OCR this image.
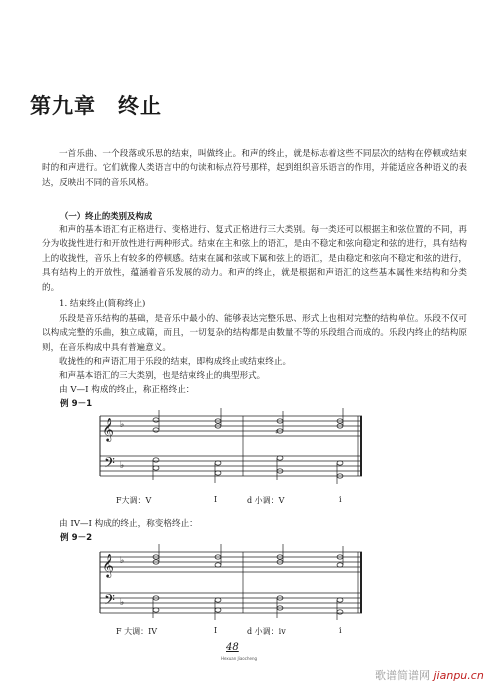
第九章 终止
一首乐曲、一个段落或乐思的结束，叫做终止。和声的终止，就是标志着这些不同层次的结构在停顿或结束时的和声进行。它们就像人类语言中的句读和标点符号那样，起到组织音乐语言的作用，并能适应各种语义的表达，反映出不同的音乐风格。
（一）终止的类别及构成
和声的基本语汇有正格进行、变格进行、复式正格进行三大类别。每一类还可以根据主和弦位置的不同，再分为收拢性进行和开放性进行两种形式。结束在主和弦上的语汇，是由不稳定和弦向稳定和弦的进行，具有结构上的收拢性，音乐上有较多的停顿感。结束在属和弦或下属和弦上的语汇，是由稳定和弦向不稳定和弦的进行，具有结构上的开放性，蕴涵着音乐发展的动力。和声的终止，就是根据和声语汇的这些基本属性来结构和分类的。
1. 结束终止(简称终止)
乐段是音乐结构的基础，是音乐中最小的、能够表达完整乐思、形式上也相对完整的结构单位。乐段不仅可以构成完整的乐曲，独立成篇，而且，一切复杂的结构都是由数量不等的乐段组合而成的。乐段内终止的结构原则，在音乐构成中具有普遍意义。
收拢性的和声语汇用于乐段的结束，即构成终止或结束终止。
和声基本语汇的三大类别，也是结束终止的典型形式。
由 V—I 构成的终止，称正格终止：
例 9－1
𝄞
𝄢
♭
♭
♯
𝄞
𝄢
♭
♭
F大调：V	I	d 小调：V	i
由 IV—I 构成的终止，称变格终止：
例 9－2
F 大调：IV	I	d 小调：iv	i
48
Hexuan Jiaocheng
歌谱简谱网 jianpu.cn
